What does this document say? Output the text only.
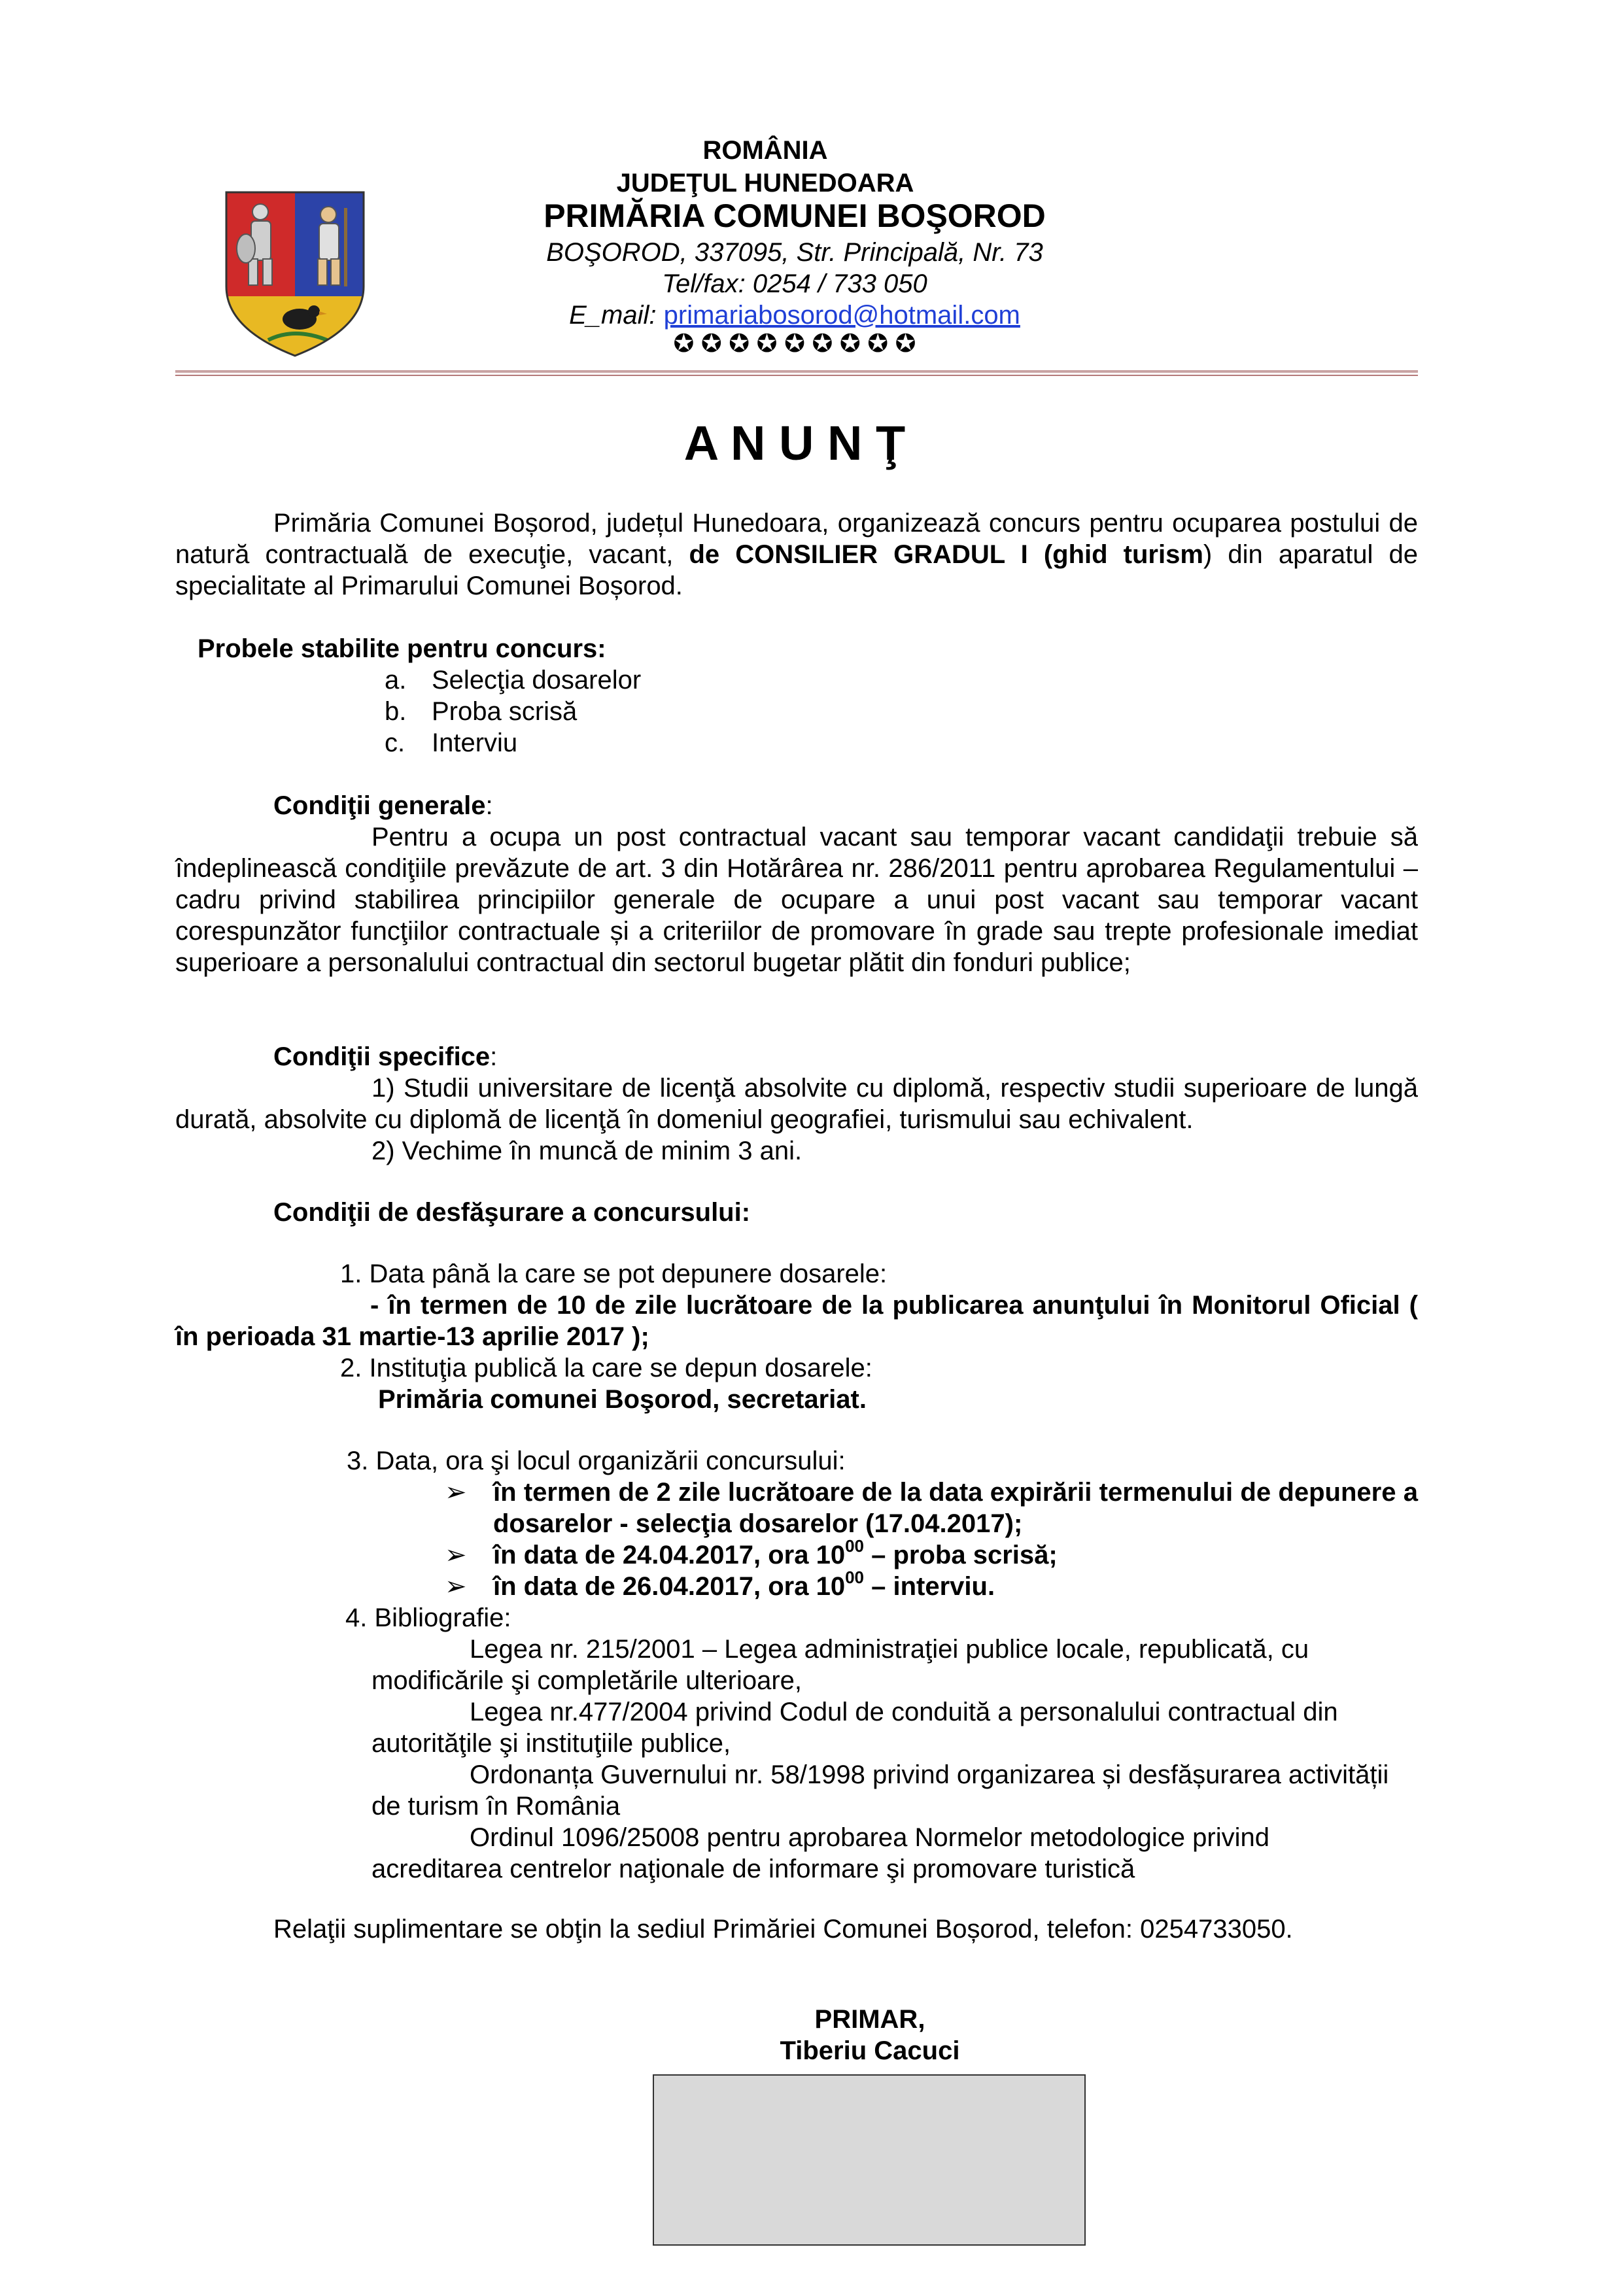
ROMÂNIA
JUDEŢUL HUNEDOARA
PRIMĂRIA COMUNEI BOŞOROD
BOŞOROD, 337095, Str. Principală, Nr. 73
Tel/fax: 0254 / 733 050
E_mail: primariabosorod@hotmail.com
✪ ✪ ✪ ✪ ✪ ✪ ✪ ✪ ✪
A N U N Ţ
Primăria Comunei Boșorod, județul Hunedoara, organizează concurs pentru ocuparea postului de natură contractuală de execuţie, vacant, de CONSILIER GRADUL I (ghid turism) din aparatul de specialitate al Primarului Comunei Boșorod.
Probele stabilite pentru concurs:
a. Selecţia dosarelor
b. Proba scrisă
c. Interviu
Condiţii generale:
Pentru a ocupa un post contractual vacant sau temporar vacant candidaţii trebuie să îndeplinească condiţiile prevăzute de art. 3 din Hotărârea nr. 286/2011 pentru aprobarea Regulamentului – cadru privind stabilirea principiilor generale de ocupare a unui post vacant sau temporar vacant corespunzător funcţiilor contractuale și a criteriilor de promovare în grade sau trepte profesionale imediat superioare a personalului contractual din sectorul bugetar plătit din fonduri publice;
Condiţii specifice:
1) Studii universitare de licenţă absolvite cu diplomă, respectiv studii superioare de lungă durată, absolvite cu diplomă de licenţă în domeniul geografiei, turismului sau echivalent.
2) Vechime în muncă de minim 3 ani.
Condiţii de desfăşurare a concursului:
1. Data până la care se pot depunere dosarele:
- în termen de 10 de zile lucrătoare de la publicarea anunţului în Monitorul Oficial ( în perioada 31 martie-13 aprilie 2017 );
2. Instituţia publică la care se depun dosarele:
Primăria comunei Boşorod, secretariat.
3. Data, ora şi locul organizării concursului:
➢ în termen de 2 zile lucrătoare de la data expirării termenului de depunere a dosarelor - selecţia dosarelor (17.04.2017);
➢ în data de 24.04.2017, ora $10^{00}$ – proba scrisă;
➢ în data de 26.04.2017, ora $10^{00}$ – interviu.
4. Bibliografie:
Legea nr. 215/2001 – Legea administraţiei publice locale, republicată, cu modificările şi completările ulterioare,
Legea nr.477/2004 privind Codul de conduită a personalului contractual din autorităţile şi instituţiile publice,
Ordonanța Guvernului nr. 58/1998 privind organizarea și desfășurarea activității de turism în România
Ordinul 1096/25008 pentru aprobarea Normelor metodologice privind acreditarea centrelor naţionale de informare şi promovare turistică
Relaţii suplimentare se obţin la sediul Primăriei Comunei Boșorod, telefon: 0254733050.
PRIMAR,
Tiberiu Cacuci
